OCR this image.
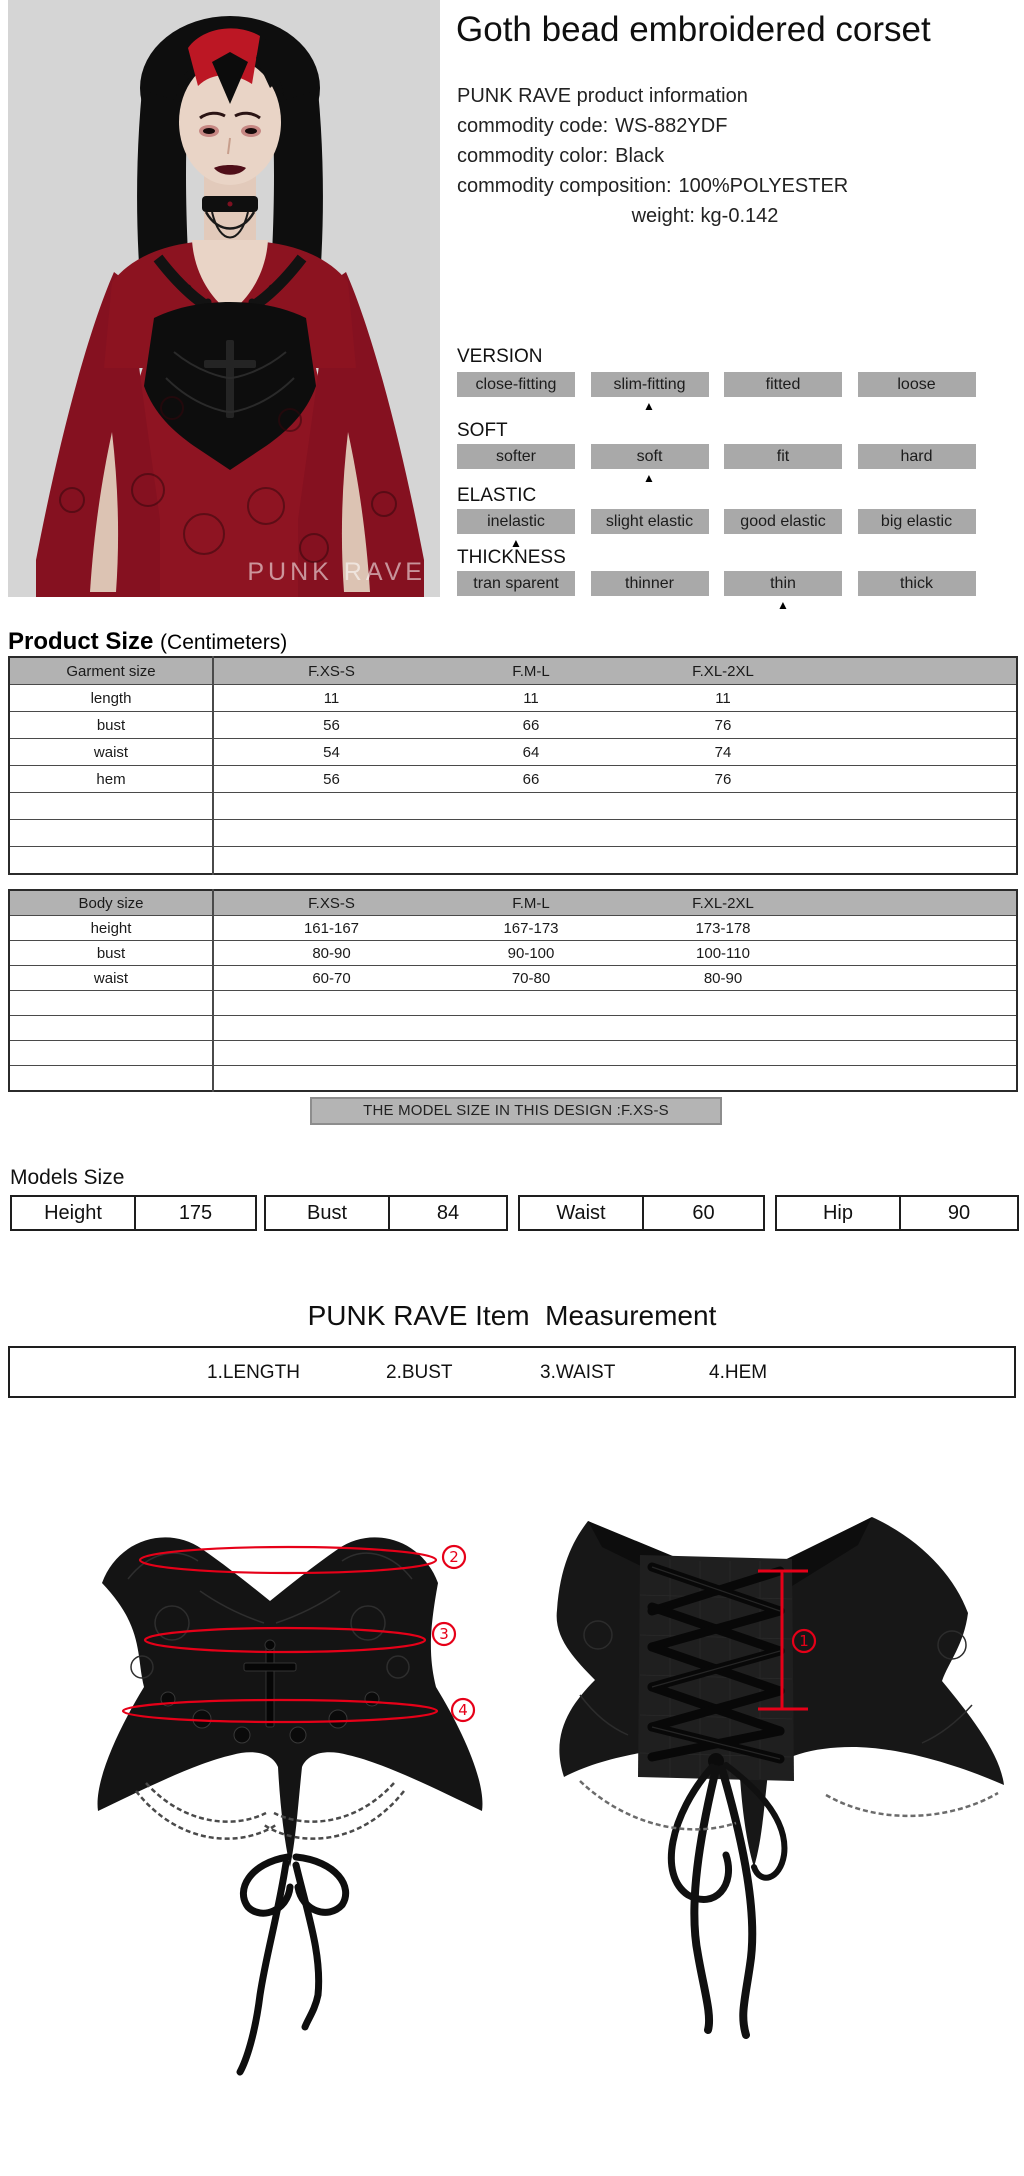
PUNK RAVE
Goth bead embroidered corset
PUNK RAVE product information
commodity code: WS-882YDF
commodity color: Black
commodity composition: 100%POLYESTER
weight: kg-0.142
VERSION
close-fitting	slim-fitting	fitted	loose
▲
SOFT
softer	soft	fit	hard
▲
ELASTIC
inelastic	slight elastic	good elastic	big elastic
▲
THICKNESS
tran sparent	thinner	thin	thick
▲
Product Size (Centimeters)
Garment size	F.XS-S	F.M-L	F.XL-2XL	
length	11	11	11	
bust	56	66	76	
waist	54	64	74	
hem	56	66	76	

Body size	F.XS-S	F.M-L	F.XL-2XL	
height	161-167	167-173	173-178	
bust	80-90	90-100	100-110	
waist	60-70	70-80	80-90	

THE MODEL SIZE IN THIS DESIGN :F.XS-S
Models Size
Height	175	Bust	84	Waist	60	Hip	90
PUNK RAVE Item  Measurement
1.LENGTH	2.BUST	3.WAIST	4.HEM
2
3
4
1
